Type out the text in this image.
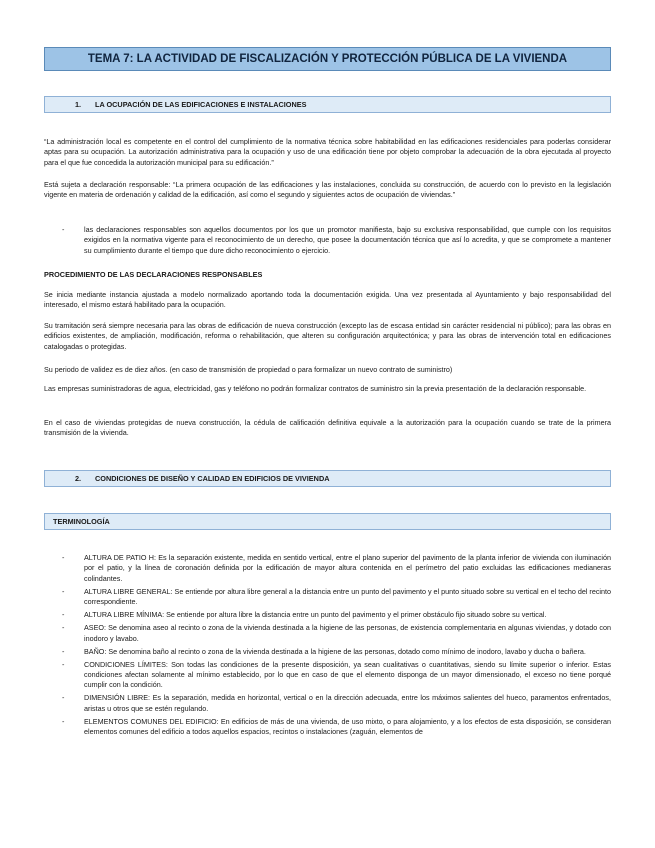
TEMA 7: LA ACTIVIDAD DE FISCALIZACIÓN Y PROTECCIÓN PÚBLICA DE LA VIVIENDA
1.	LA OCUPACIÓN DE LAS EDIFICACIONES E INSTALACIONES

“La administración local es competente en el control del cumplimiento de la normativa técnica sobre habitabilidad en las edificaciones residenciales para poderlas considerar aptas para su ocupación. La autorización administrativa para la ocupación y uso de una edificación tiene por objeto comprobar la adecuación de la obra ejecutada al proyecto para el que fue concedida la autorización municipal para su edificación.”

Está sujeta a declaración responsable: “La primera ocupación de las edificaciones y las instalaciones, concluida su construcción, de acuerdo con lo previsto en la legislación vigente en materia de ordenación y calidad de la edificación, así como el segundo y siguientes actos de ocupación de viviendas.”

-	las declaraciones responsables son aquellos documentos por los que un promotor manifiesta, bajo su exclusiva responsabilidad, que cumple con los requisitos exigidos en la normativa vigente para el reconocimiento de un derecho, que posee la documentación técnica que así lo acredita, y que se compromete a mantener su cumplimiento durante el tiempo que dure dicho reconocimiento o ejercicio.

PROCEDIMIENTO DE LAS DECLARACIONES RESPONSABLES

Se inicia mediante instancia ajustada a modelo normalizado aportando toda la documentación exigida. Una vez presentada al Ayuntamiento y bajo responsabilidad del interesado, el mismo estará habilitado para la ocupación.

Su tramitación será siempre necesaria para las obras de edificación de nueva construcción (excepto las de escasa entidad sin carácter residencial ni público); para las obras en edificios existentes, de ampliación, modificación, reforma o rehabilitación, que alteren su configuración arquitectónica; y para las obras de intervención total en edificaciones catalogadas o protegidas.

Su periodo de validez es de diez años. (en caso de transmisión de propiedad o para formalizar un nuevo contrato de suministro)

Las empresas suministradoras de agua, electricidad, gas y teléfono no podrán formalizar contratos de suministro sin la previa presentación de la declaración responsable.

En el caso de viviendas protegidas de nueva construcción, la cédula de calificación definitiva equivale a la autorización para la ocupación cuando se trate de la primera transmisión de la vivienda.

2.	CONDICIONES DE DISEÑO Y CALIDAD EN EDIFICIOS DE VIVIENDA
TERMINOLOGÍA
-	ALTURA DE PATIO H: Es la separación existente, medida en sentido vertical, entre el plano superior del pavimento de la planta inferior de vivienda con iluminación por el patio, y la línea de coronación definida por la edificación de mayor altura contenida en el perímetro del patio excluidas las edificaciones medianeras colindantes.
-	ALTURA LIBRE GENERAL: Se entiende por altura libre general a la distancia entre un punto del pavimento y el punto situado sobre su vertical en el techo del recinto correspondiente.
-	ALTURA LIBRE MÍNIMA: Se entiende por altura libre la distancia entre un punto del pavimento y el primer obstáculo fijo situado sobre su vertical.
-	ASEO: Se denomina aseo al recinto o zona de la vivienda destinada a la higiene de las personas, de existencia complementaria en algunas viviendas, y dotado con inodoro y lavabo.
-	BAÑO: Se denomina baño al recinto o zona de la vivienda destinada a la higiene de las personas, dotado como mínimo de inodoro, lavabo y ducha o bañera.
-	CONDICIONES LÍMITES: Son todas las condiciones de la presente disposición, ya sean cualitativas o cuantitativas, siendo su límite superior o inferior. Estas condiciones afectan solamente al mínimo establecido, por lo que en caso de que el elemento disponga de un mayor dimensionado, el exceso no tiene porqué cumplir con la condición.
-	DIMENSIÓN LIBRE: Es la separación, medida en horizontal, vertical o en la dirección adecuada, entre los máximos salientes del hueco, paramentos enfrentados, aristas u otros que se estén regulando.
-	ELEMENTOS COMUNES DEL EDIFICIO: En edificios de más de una vivienda, de uso mixto, o para alojamiento, y a los efectos de esta disposición, se consideran elementos comunes del edificio a todos aquellos espacios, recintos o instalaciones (zaguán, elementos de
